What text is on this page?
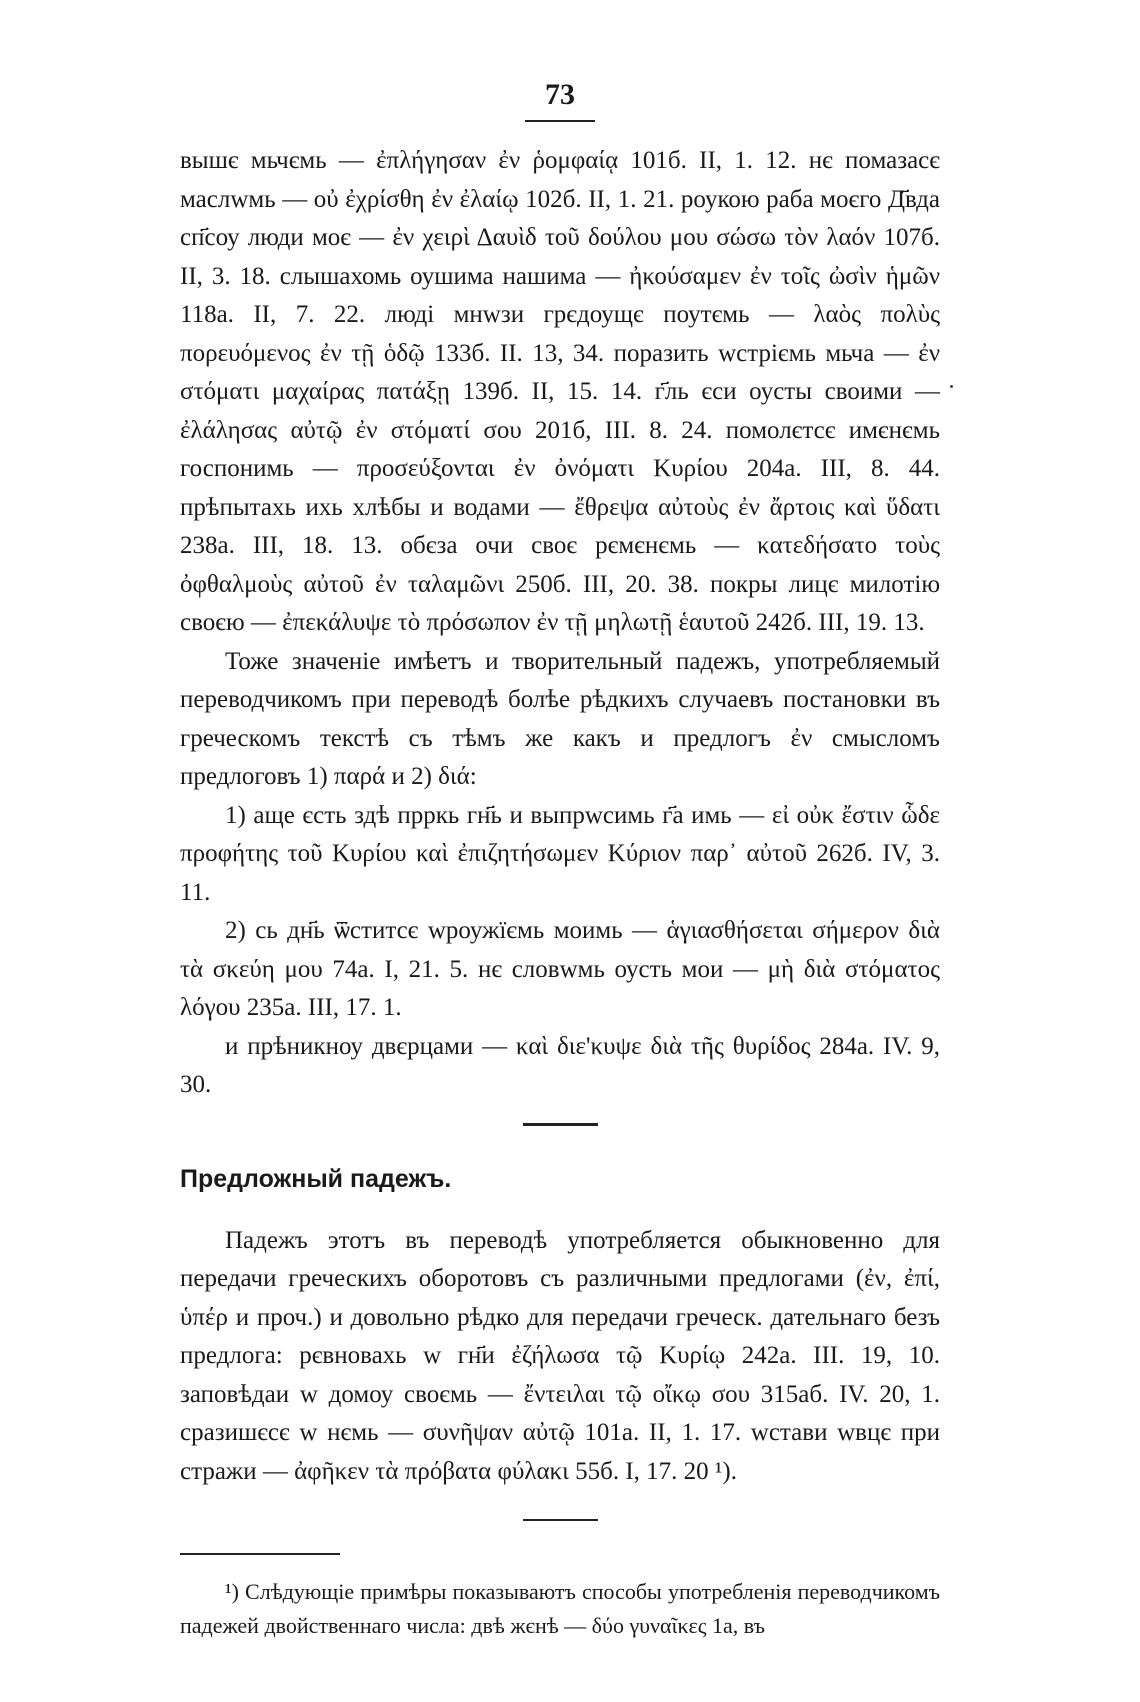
73

вышє мьчємь — ἐπλήγησαν ἐν ῥομφαίᾳ 101б. II, 1. 12. нє помазасє маслwмь — οὐ ἐχρίσθη ἐν ἐλαίῳ 102б. II, 1. 21. роукою раба моєго Д҃вда сп҃соу люди моє — ἐν χειρὶ Δαυὶδ τοῦ δούλου μου σώσω τὸν λαόν 107б. II, 3. 18. слышахомь оушима нашима — ἠκούσαμεν ἐν τοῖς ὠσὶν ἡμῶν 118а. II, 7. 22. люді мнwзи грєдоущє поутємь — λαὸς πολὺς πορευόμενος ἐν τῇ ὁδῷ 133б. II. 13, 34. поразить wстріємь мьча — ἐν στόματι μαχαίρας πατάξῃ 139б. II, 15. 14. г҃ль єси оусты своими — ἐλάλησας αὐτῷ ἐν στόματί σου 201б, III. 8. 24. помолєтсє имєнємь госпонимь — προσεύξονται ἐν ὀνόματι Κυρίου 204а. III, 8. 44. прѣпытахь ихь хлѣбы и водами — ἔθρεψα αὐτοὺς ἐν ἄρτοις καὶ ὕδατι 238а. III, 18. 13. обєза очи своє рємєнємь — κατεδήσατο τοὺς ὀφθαλμοὺς αὐτοῦ ἐν ταλαμῶνι 250б. III, 20. 38. покры лицє милотію своєю — ἐπεκάλυψε τὸ πρόσωπον ἐν τῇ μηλωτῇ ἑαυτοῦ 242б. III, 19. 13.

Тоже значеніе имѣетъ и творительный падежъ, употребляемый переводчикомъ при переводѣ болѣе рѣдкихъ случаевъ постановки въ греческомъ текстѣ съ тѣмъ же какъ и предлогъ ἐν смысломъ предлоговъ 1) παρά и 2) διά:

1) аще єсть здѣ прркь гн҃ь и выпрwсимь г҃а имь — εἰ οὐκ ἔστιν ὧδε προφήτης τοῦ Κυρίου καὶ ἐπιζητήσωμεν Κύριον παρ᾽ αὐτοῦ 262б. IV, 3. 11.

2) сь дн҃ь ѿститсє wроужїємь моимь — ἁγιασθήσεται σήμερον διὰ τὰ σκεύη μου 74а. I, 21. 5. нє словwмь оусть мои — μὴ διὰ στόματος λόγου 235а. III, 17. 1.

и прѣникноу двєрцами — καὶ διε'κυψε διὰ τῆς θυρίδος 284а. IV. 9, 30.

Предложный падежъ.

Падежъ этотъ въ переводѣ употребляется обыкновенно для передачи греческихъ оборотовъ съ различными предлогами (ἐν, ἐπί, ὑπέρ и проч.) и довольно рѣдко для передачи греческ. дательнаго безъ предлога: рєвновахь w гн҃и ἐζήλωσα τῷ Κυρίῳ 242а. III. 19, 10. заповѣдаи w домоу своємь — ἔντειλαι τῷ οἴκῳ σου 315аб. IV. 20, 1. сразишєсє w нємь — συνῆψαν αὐτῷ 101а. II, 1. 17. wстави wвцє при стражи — ἀφῆκεν τὰ πρόβατα φύλακι 55б. I, 17. 20 ¹).

¹) Слѣдующіе примѣры показываютъ способы употребленія переводчикомъ падежей двойственнаго числа: двѣ жєнѣ — δύο γυναῖκες 1а, въ
